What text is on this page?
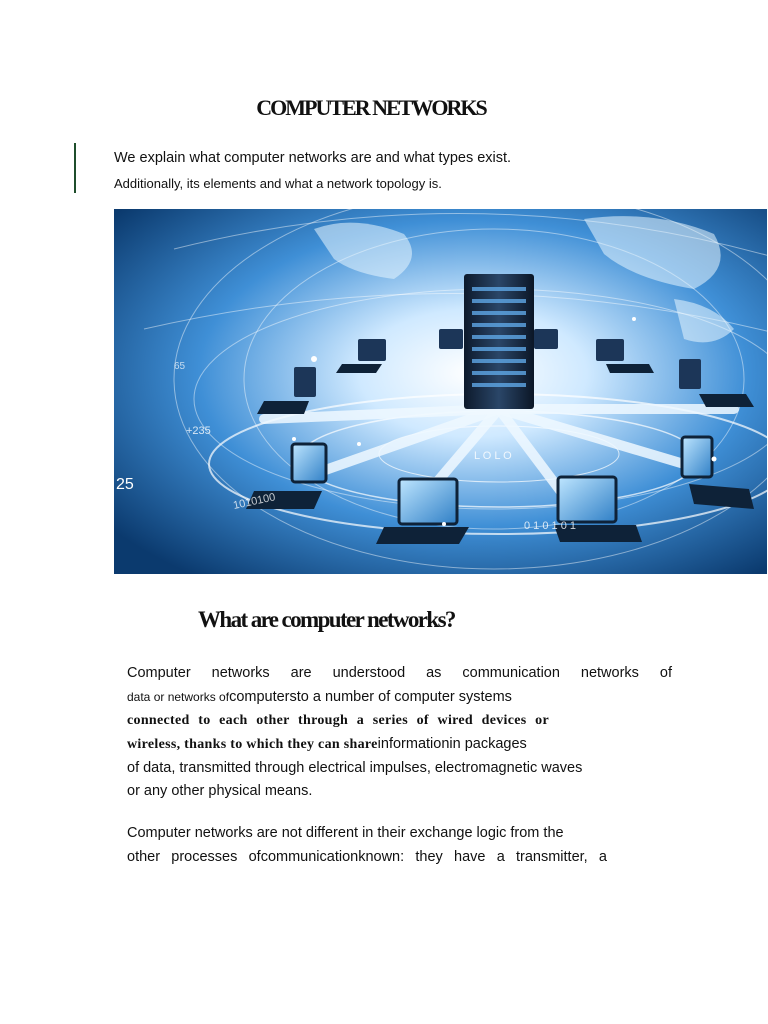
COMPUTER NETWORKS
We explain what computer networks are and what types exist.
Additionally, its elements and what a network topology is.
25
+235
65
1010100
L O L O
0 1 0 1 0 1
What are computer networks?
Computer networks are understood as communication networks of
data or networks ofcomputersto a number of computer systems
connected to each other through a series of wired devices or
wireless, thanks to which they can shareinformationin packages
of data, transmitted through electrical impulses, electromagnetic waves
or any other physical means.
Computer networks are not different in their exchange logic from the
other processes ofcommunicationknown: they have a transmitter, a
